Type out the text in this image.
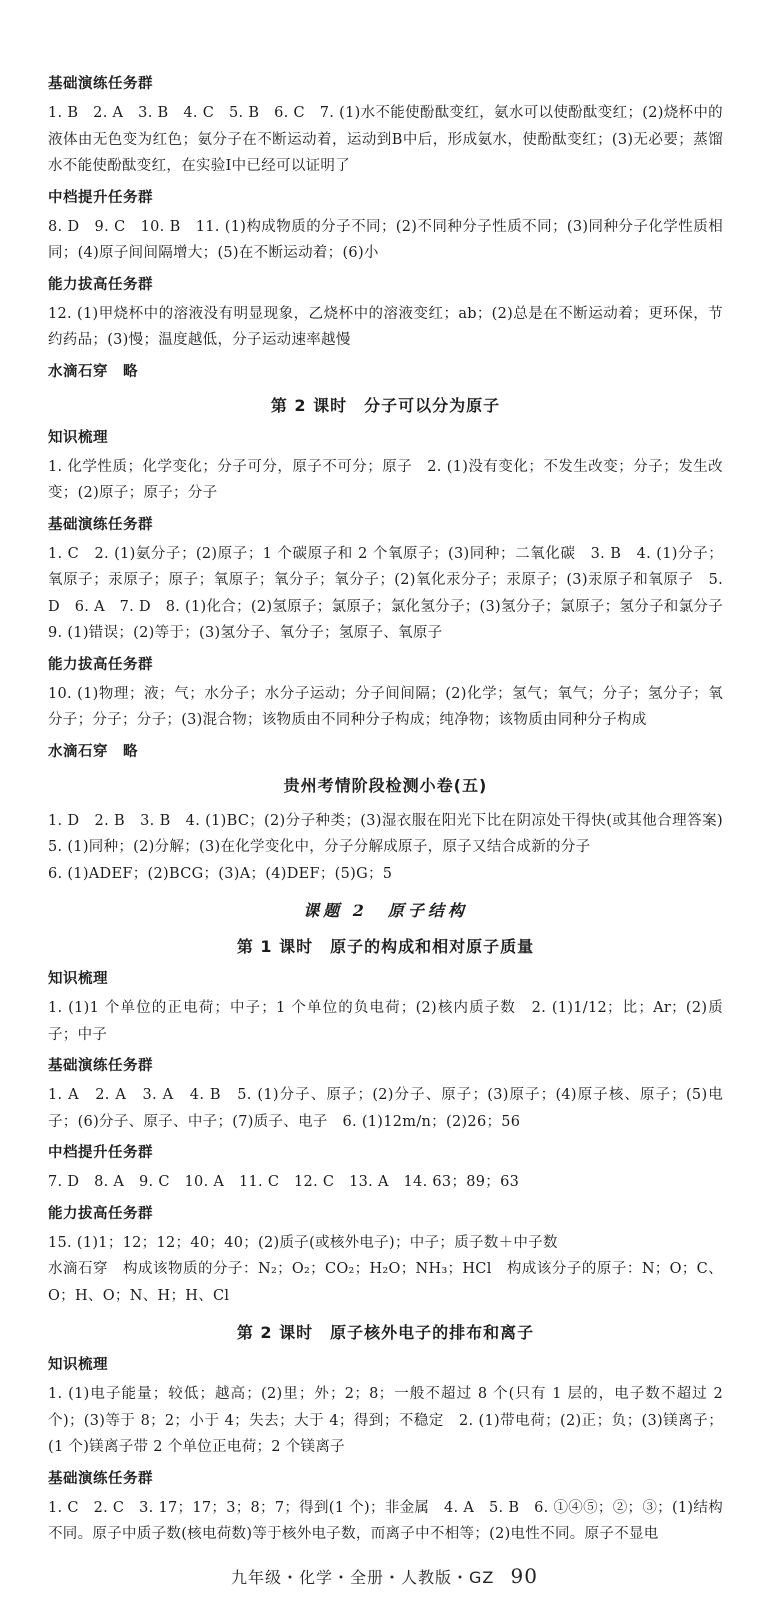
基础演练任务群

1. B　2. A　3. B　4. C　5. B　6. C　7. (1)水不能使酚酞变红，氨水可以使酚酞变红；(2)烧杯中的液体由无色变为红色；氨分子在不断运动着，运动到B中后，形成氨水，使酚酞变红；(3)无必要；蒸馏水不能使酚酞变红，在实验Ⅰ中已经可以证明了

中档提升任务群

8. D　9. C　10. B　11. (1)构成物质的分子不同；(2)不同种分子性质不同；(3)同种分子化学性质相同；(4)原子间间隔增大；(5)在不断运动着；(6)小

能力拔高任务群

12. (1)甲烧杯中的溶液没有明显现象，乙烧杯中的溶液变红；ab；(2)总是在不断运动着；更环保，节约药品；(3)慢；温度越低，分子运动速率越慢

水滴石穿　略
第 2 课时　分子可以分为原子
知识梳理

1. 化学性质；化学变化；分子可分，原子不可分；原子　2. (1)没有变化；不发生改变；分子；发生改变；(2)原子；原子；分子

基础演练任务群

1. C　2. (1)氨分子；(2)原子；1 个碳原子和 2 个氧原子；(3)同种；二氧化碳　3. B　4. (1)分子；氧原子；汞原子；原子；氧原子；氧分子；氧分子；(2)氧化汞分子；汞原子；(3)汞原子和氧原子　5. D　6. A　7. D　8. (1)化合；(2)氢原子；氯原子；氯化氢分子；(3)氢分子；氯原子；氢分子和氯分子　9. (1)错误；(2)等于；(3)氢分子、氧分子；氢原子、氧原子

能力拔高任务群

10. (1)物理；液；气；水分子；水分子运动；分子间间隔；(2)化学；氢气；氧气；分子；氢分子；氧分子；分子；分子；(3)混合物；该物质由不同种分子构成；纯净物；该物质由同种分子构成

水滴石穿　略
贵州考情阶段检测小卷(五)

1. D　2. B　3. B　4. (1)BC；(2)分子种类；(3)湿衣服在阳光下比在阴凉处干得快(或其他合理答案)　5. (1)同种；(2)分解；(3)在化学变化中，分子分解成原子，原子又结合成新的分子

6. (1)ADEF；(2)BCG；(3)A；(4)DEF；(5)G；5

课题 2　原子结构
第 1 课时　原子的构成和相对原子质量
知识梳理

1. (1)1 个单位的正电荷；中子；1 个单位的负电荷；(2)核内质子数　2. (1)1/12；比；Ar；(2)质子；中子

基础演练任务群

1. A　2. A　3. A　4. B　5. (1)分子、原子；(2)分子、原子；(3)原子；(4)原子核、原子；(5)电子；(6)分子、原子、中子；(7)质子、电子　6. (1)12m/n；(2)26；56

中档提升任务群

7. D　8. A　9. C　10. A　11. C　12. C　13. A　14. 63；89；63

能力拔高任务群

15. (1)1；12；12；40；40；(2)质子(或核外电子)；中子；质子数＋中子数

水滴石穿　构成该物质的分子：N₂；O₂；CO₂；H₂O；NH₃；HCl　构成该分子的原子：N；O；C、O；H、O；N、H；H、Cl

第 2 课时　原子核外电子的排布和离子
知识梳理

1. (1)电子能量；较低；越高；(2)里；外；2；8；一般不超过 8 个(只有 1 层的，电子数不超过 2 个)；(3)等于 8；2；小于 4；失去；大于 4；得到；不稳定　2. (1)带电荷；(2)正；负；(3)镁离子；(1 个)镁离子带 2 个单位正电荷；2 个镁离子

基础演练任务群

1. C　2. C　3. 17；17；3；8；7；得到(1 个)；非金属　4. A　5. B　6. ①④⑤；②；③；(1)结构不同。原子中质子数(核电荷数)等于核外电子数，而离子中不相等；(2)电性不同。原子不显电

九年级・化学・全册・人教版・GZ 90
